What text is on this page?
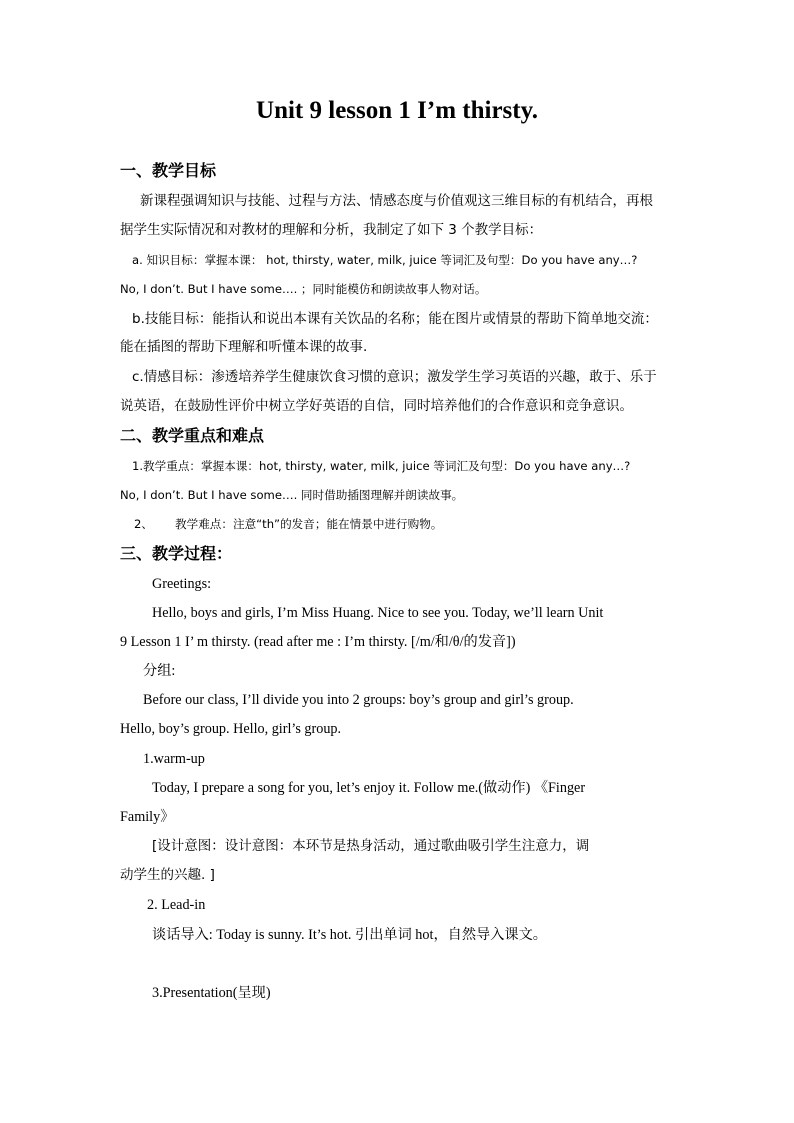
Unit 9 lesson 1 I’m thirsty.
一、教学目标
新课程强调知识与技能、过程与方法、情感态度与价值观这三维目标的有机结合，再根
据学生实际情况和对教材的理解和分析，我制定了如下 3 个教学目标：
a. 知识目标：掌握本课： hot, thirsty, water, milk, juice 等词汇及句型：Do you have any…?
No, I don’t. But I have some…. ；同时能模仿和朗读故事人物对话。
b.技能目标：能指认和说出本课有关饮品的名称；能在图片或情景的帮助下简单地交流：
能在插图的帮助下理解和听懂本课的故事.
c.情感目标：渗透培养学生健康饮食习惯的意识；激发学生学习英语的兴趣，敢于、乐于
说英语，在鼓励性评价中树立学好英语的自信，同时培养他们的合作意识和竞争意识。
二、教学重点和难点
1.教学重点：掌握本课：hot, thirsty, water, milk, juice 等词汇及句型：Do you have any…?
No, I don’t. But I have some…. 同时借助插图理解并朗读故事。
2、 教学难点：注意“th”的发音；能在情景中进行购物。
三、教学过程：
Greetings:
Hello, boys and girls, I’m Miss Huang. Nice to see you. Today, we’ll learn Unit
9 Lesson 1 I’ m thirsty. (read after me : I’m thirsty. [/m/和/θ/的发音])
分组:
Before our class, I’ll divide you into 2 groups: boy’s group and girl’s group.
Hello, boy’s group. Hello, girl’s group.
1.warm-up
Today, I prepare a song for you, let’s enjoy it. Follow me.(做动作) 《Finger
Family》
[设计意图：设计意图：本环节是热身活动，通过歌曲吸引学生注意力，调
动学生的兴趣. ]
2. Lead-in
谈话导入: Today is sunny. It’s hot. 引出单词 hot，自然导入课文。
3.Presentation(呈现)
